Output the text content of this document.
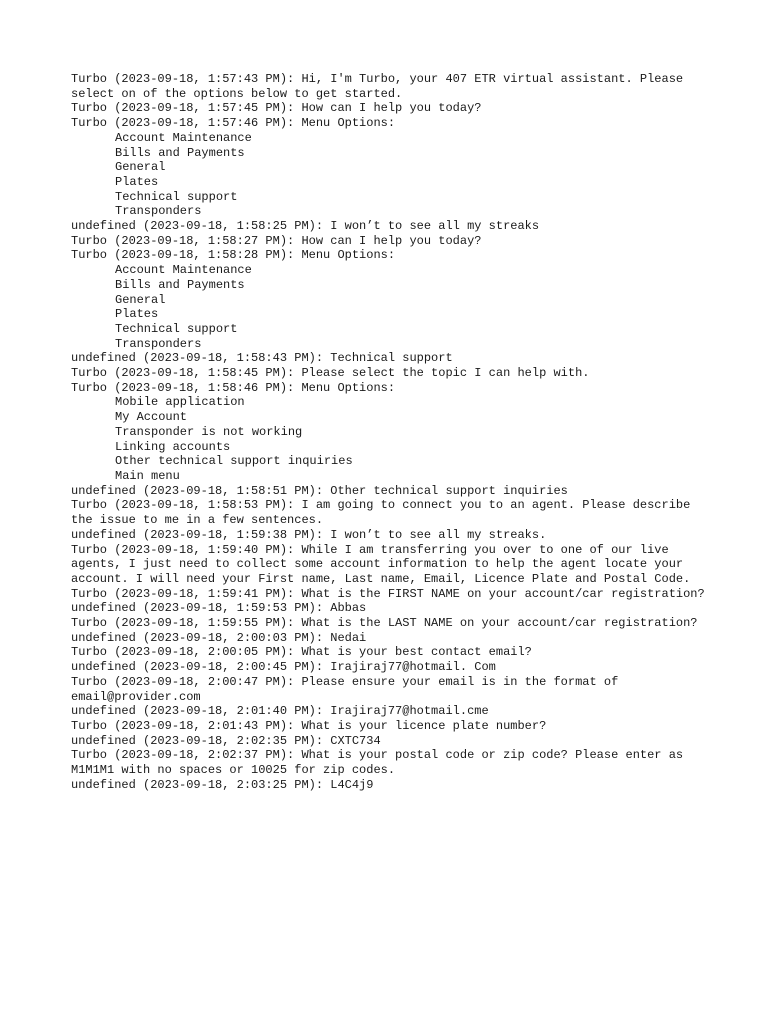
Turbo (2023-09-18, 1:57:43 PM): Hi, I'm Turbo, your 407 ETR virtual assistant. Please select on of the options below to get started.
Turbo (2023-09-18, 1:57:45 PM): How can I help you today?
Turbo (2023-09-18, 1:57:46 PM): Menu Options:
Account Maintenance
Bills and Payments
General
Plates
Technical support
Transponders
undefined (2023-09-18, 1:58:25 PM): I won’t to see all my streaks
Turbo (2023-09-18, 1:58:27 PM): How can I help you today?
Turbo (2023-09-18, 1:58:28 PM): Menu Options:
Account Maintenance
Bills and Payments
General
Plates
Technical support
Transponders
undefined (2023-09-18, 1:58:43 PM): Technical support
Turbo (2023-09-18, 1:58:45 PM): Please select the topic I can help with.
Turbo (2023-09-18, 1:58:46 PM): Menu Options:
Mobile application
My Account
Transponder is not working
Linking accounts
Other technical support inquiries
Main menu
undefined (2023-09-18, 1:58:51 PM): Other technical support inquiries
Turbo (2023-09-18, 1:58:53 PM): I am going to connect you to an agent. Please describe the issue to me in a few sentences.
undefined (2023-09-18, 1:59:38 PM): I won’t to see all my streaks.
Turbo (2023-09-18, 1:59:40 PM): While I am transferring you over to one of our live agents, I just need to collect some account information to help the agent locate your account. I will need your First name, Last name, Email, Licence Plate and Postal Code.
Turbo (2023-09-18, 1:59:41 PM): What is the FIRST NAME on your account/car registration?
undefined (2023-09-18, 1:59:53 PM): Abbas
Turbo (2023-09-18, 1:59:55 PM): What is the LAST NAME on your account/car registration?
undefined (2023-09-18, 2:00:03 PM): Nedai
Turbo (2023-09-18, 2:00:05 PM): What is your best contact email?
undefined (2023-09-18, 2:00:45 PM): Irajiraj77@hotmail. Com
Turbo (2023-09-18, 2:00:47 PM): Please ensure your email is in the format of email@provider.com
undefined (2023-09-18, 2:01:40 PM): Irajiraj77@hotmail.cme
Turbo (2023-09-18, 2:01:43 PM): What is your licence plate number?
undefined (2023-09-18, 2:02:35 PM): CXTC734
Turbo (2023-09-18, 2:02:37 PM): What is your postal code or zip code? Please enter as M1M1M1 with no spaces or 10025 for zip codes.
undefined (2023-09-18, 2:03:25 PM): L4C4j9
